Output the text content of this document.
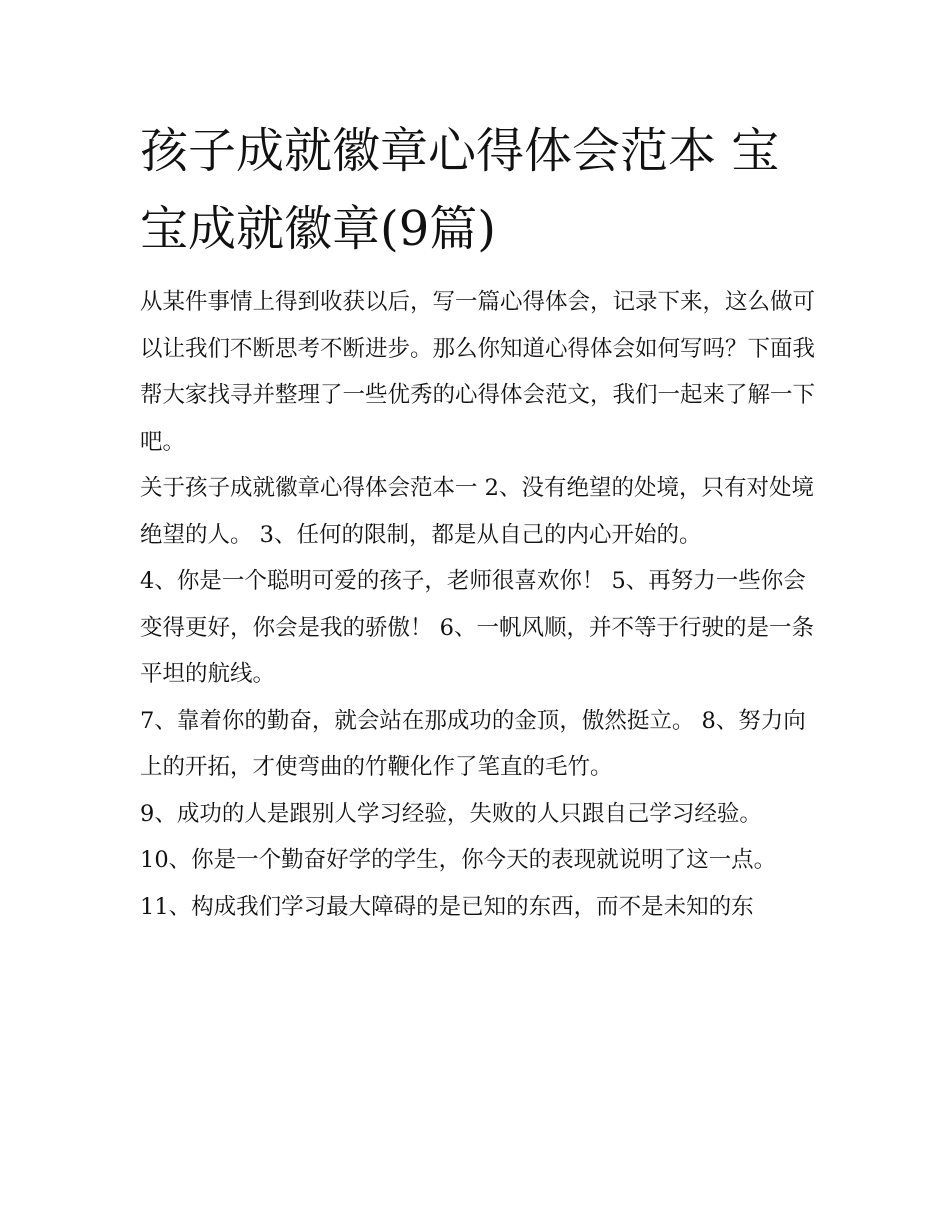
孩子成就徽章心得体会范本 宝宝成就徽章(9篇)

从某件事情上得到收获以后，写一篇心得体会，记录下来，这么做可以让我们不断思考不断进步。那么你知道心得体会如何写吗？下面我帮大家找寻并整理了一些优秀的心得体会范文，我们一起来了解一下吧。

关于孩子成就徽章心得体会范本一 2、没有绝望的处境，只有对处境绝望的人。 3、任何的限制，都是从自己的内心开始的。

4、你是一个聪明可爱的孩子，老师很喜欢你！ 5、再努力一些你会变得更好，你会是我的骄傲！ 6、一帆风顺，并不等于行驶的是一条平坦的航线。

7、靠着你的勤奋，就会站在那成功的金顶，傲然挺立。 8、努力向上的开拓，才使弯曲的竹鞭化作了笔直的毛竹。

9、成功的人是跟别人学习经验，失败的人只跟自己学习经验。 10、你是一个勤奋好学的学生，你今天的表现就说明了这一点。

11、构成我们学习最大障碍的是已知的东西，而不是未知的东
